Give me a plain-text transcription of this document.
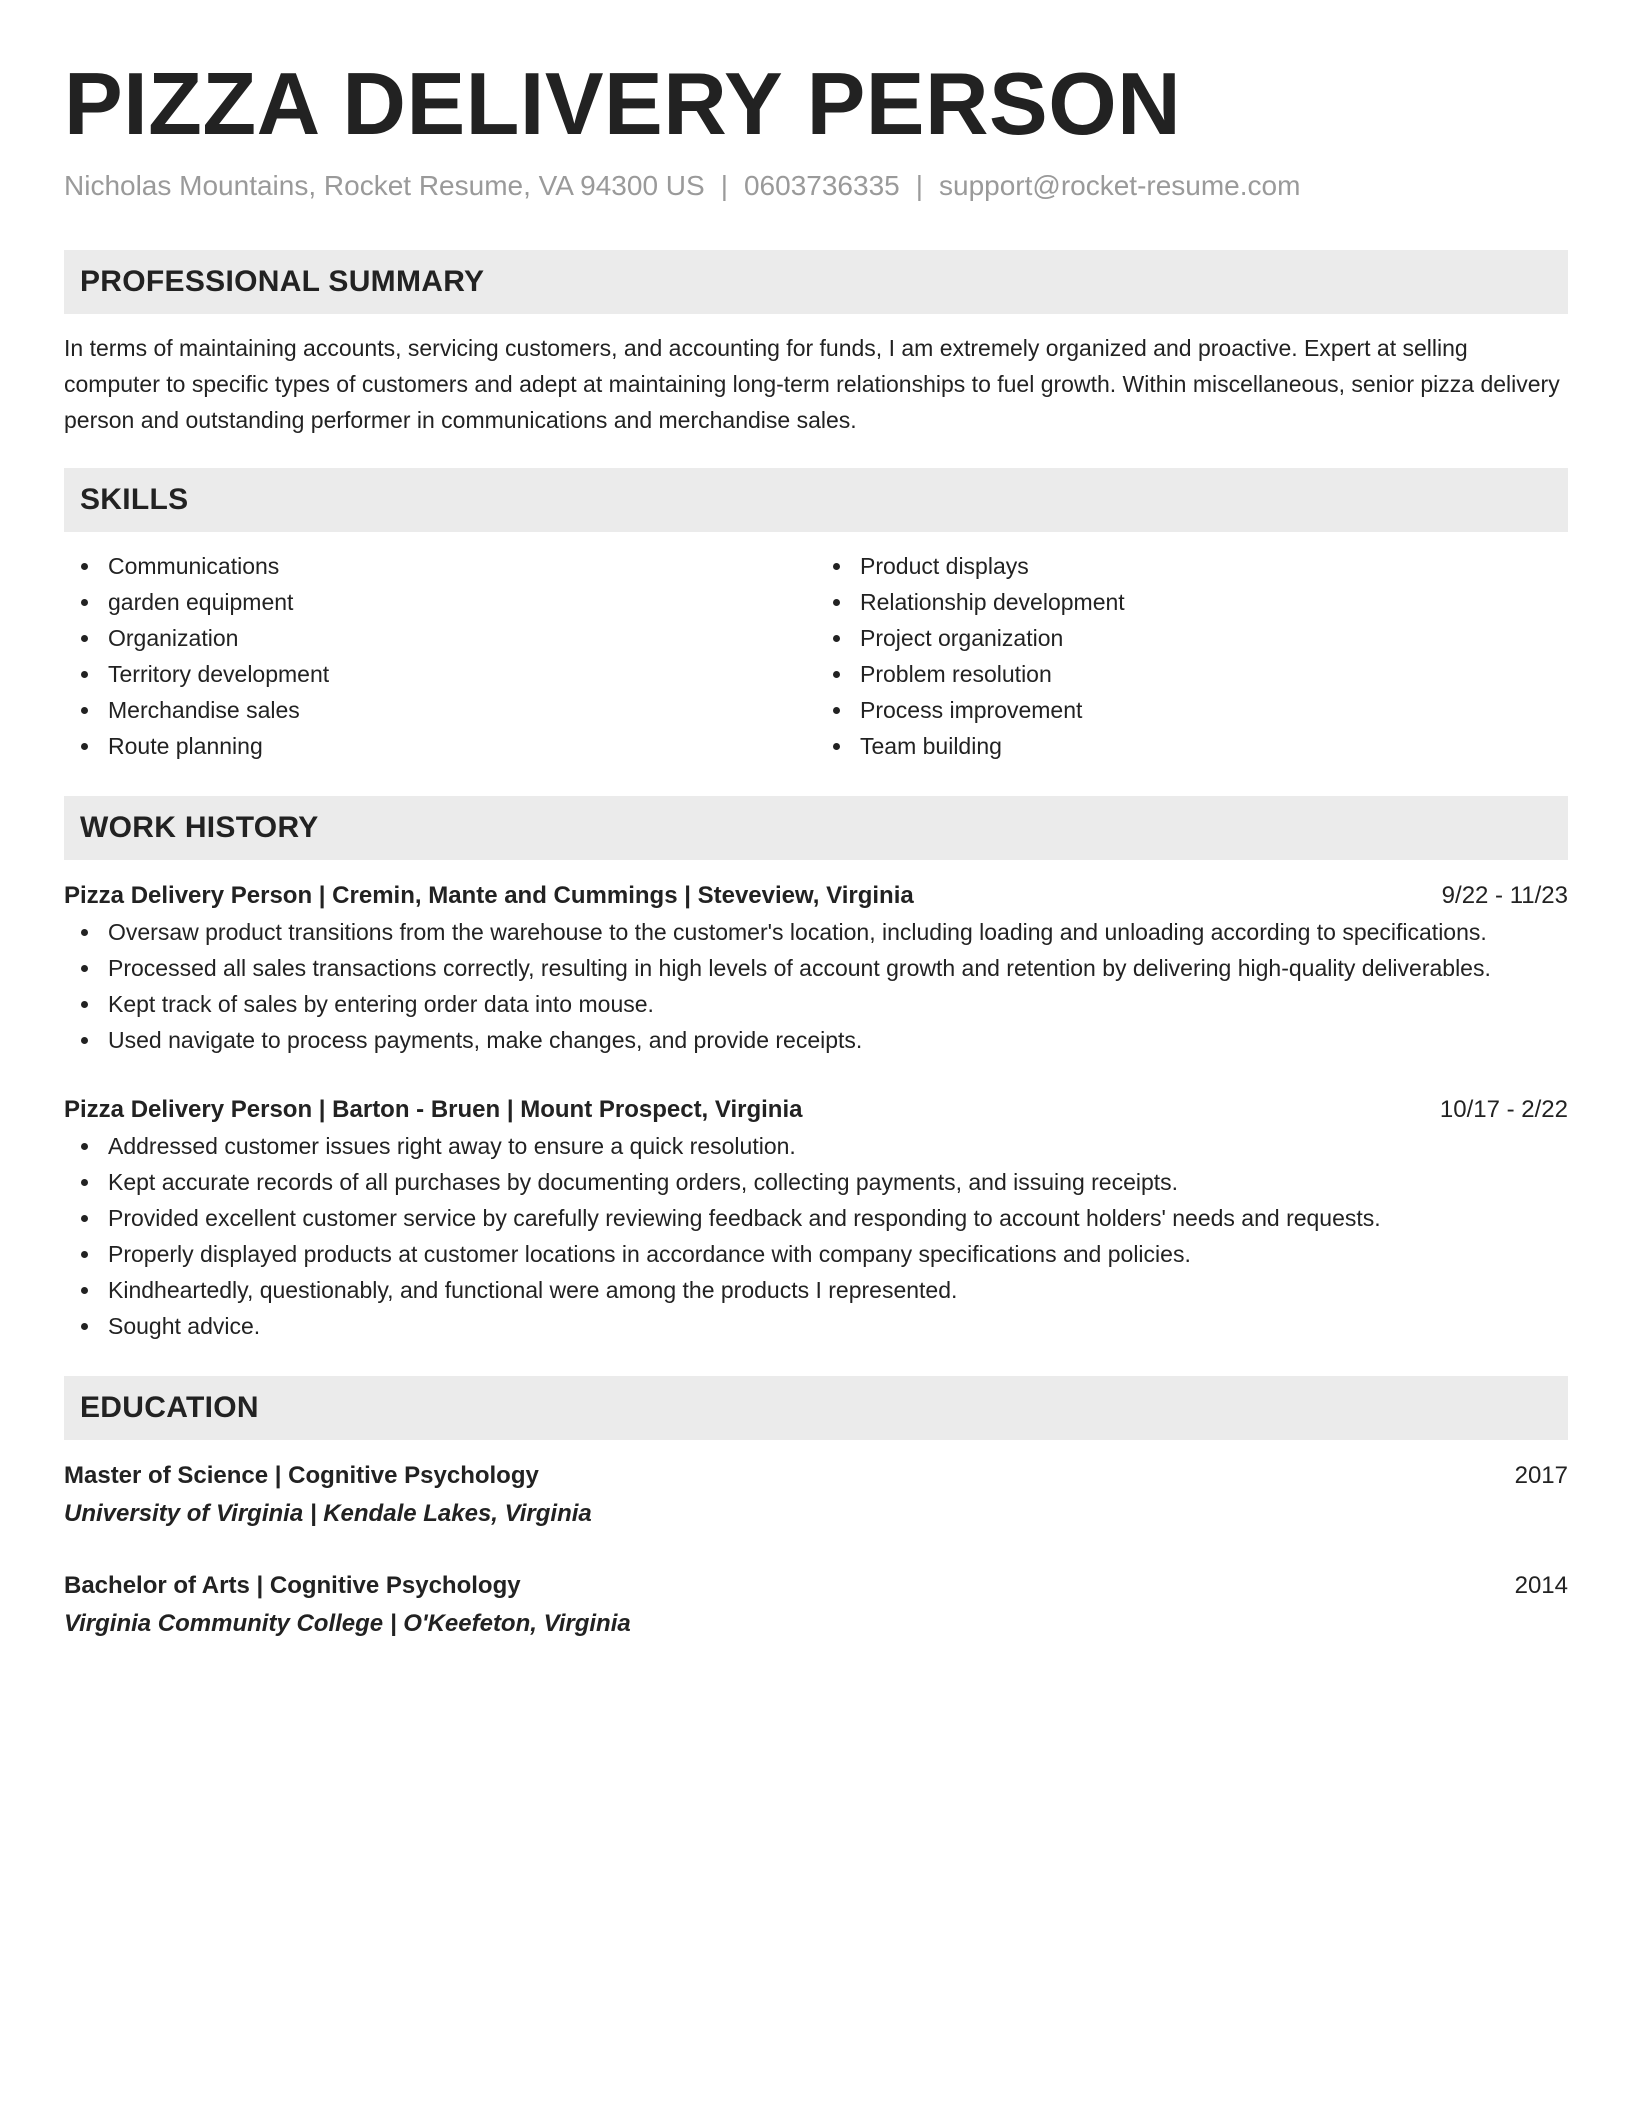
PIZZA DELIVERY PERSON
Nicholas Mountains, Rocket Resume, VA 94300 US | 0603736335 | support@rocket-resume.com
PROFESSIONAL SUMMARY
In terms of maintaining accounts, servicing customers, and accounting for funds, I am extremely organized and proactive. Expert at selling computer to specific types of customers and adept at maintaining long-term relationships to fuel growth. Within miscellaneous, senior pizza delivery person and outstanding performer in communications and merchandise sales.
SKILLS
Communications
garden equipment
Organization
Territory development
Merchandise sales
Route planning
Product displays
Relationship development
Project organization
Problem resolution
Process improvement
Team building
WORK HISTORY
Pizza Delivery Person | Cremin, Mante and Cummings | Steveview, Virginia	9/22 - 11/23
Oversaw product transitions from the warehouse to the customer's location, including loading and unloading according to specifications.
Processed all sales transactions correctly, resulting in high levels of account growth and retention by delivering high-quality deliverables.
Kept track of sales by entering order data into mouse.
Used navigate to process payments, make changes, and provide receipts.
Pizza Delivery Person | Barton - Bruen | Mount Prospect, Virginia	10/17 - 2/22
Addressed customer issues right away to ensure a quick resolution.
Kept accurate records of all purchases by documenting orders, collecting payments, and issuing receipts.
Provided excellent customer service by carefully reviewing feedback and responding to account holders' needs and requests.
Properly displayed products at customer locations in accordance with company specifications and policies.
Kindheartedly, questionably, and functional were among the products I represented.
Sought advice.
EDUCATION
Master of Science | Cognitive Psychology	2017
University of Virginia | Kendale Lakes, Virginia
Bachelor of Arts | Cognitive Psychology	2014
Virginia Community College | O'Keefeton, Virginia
